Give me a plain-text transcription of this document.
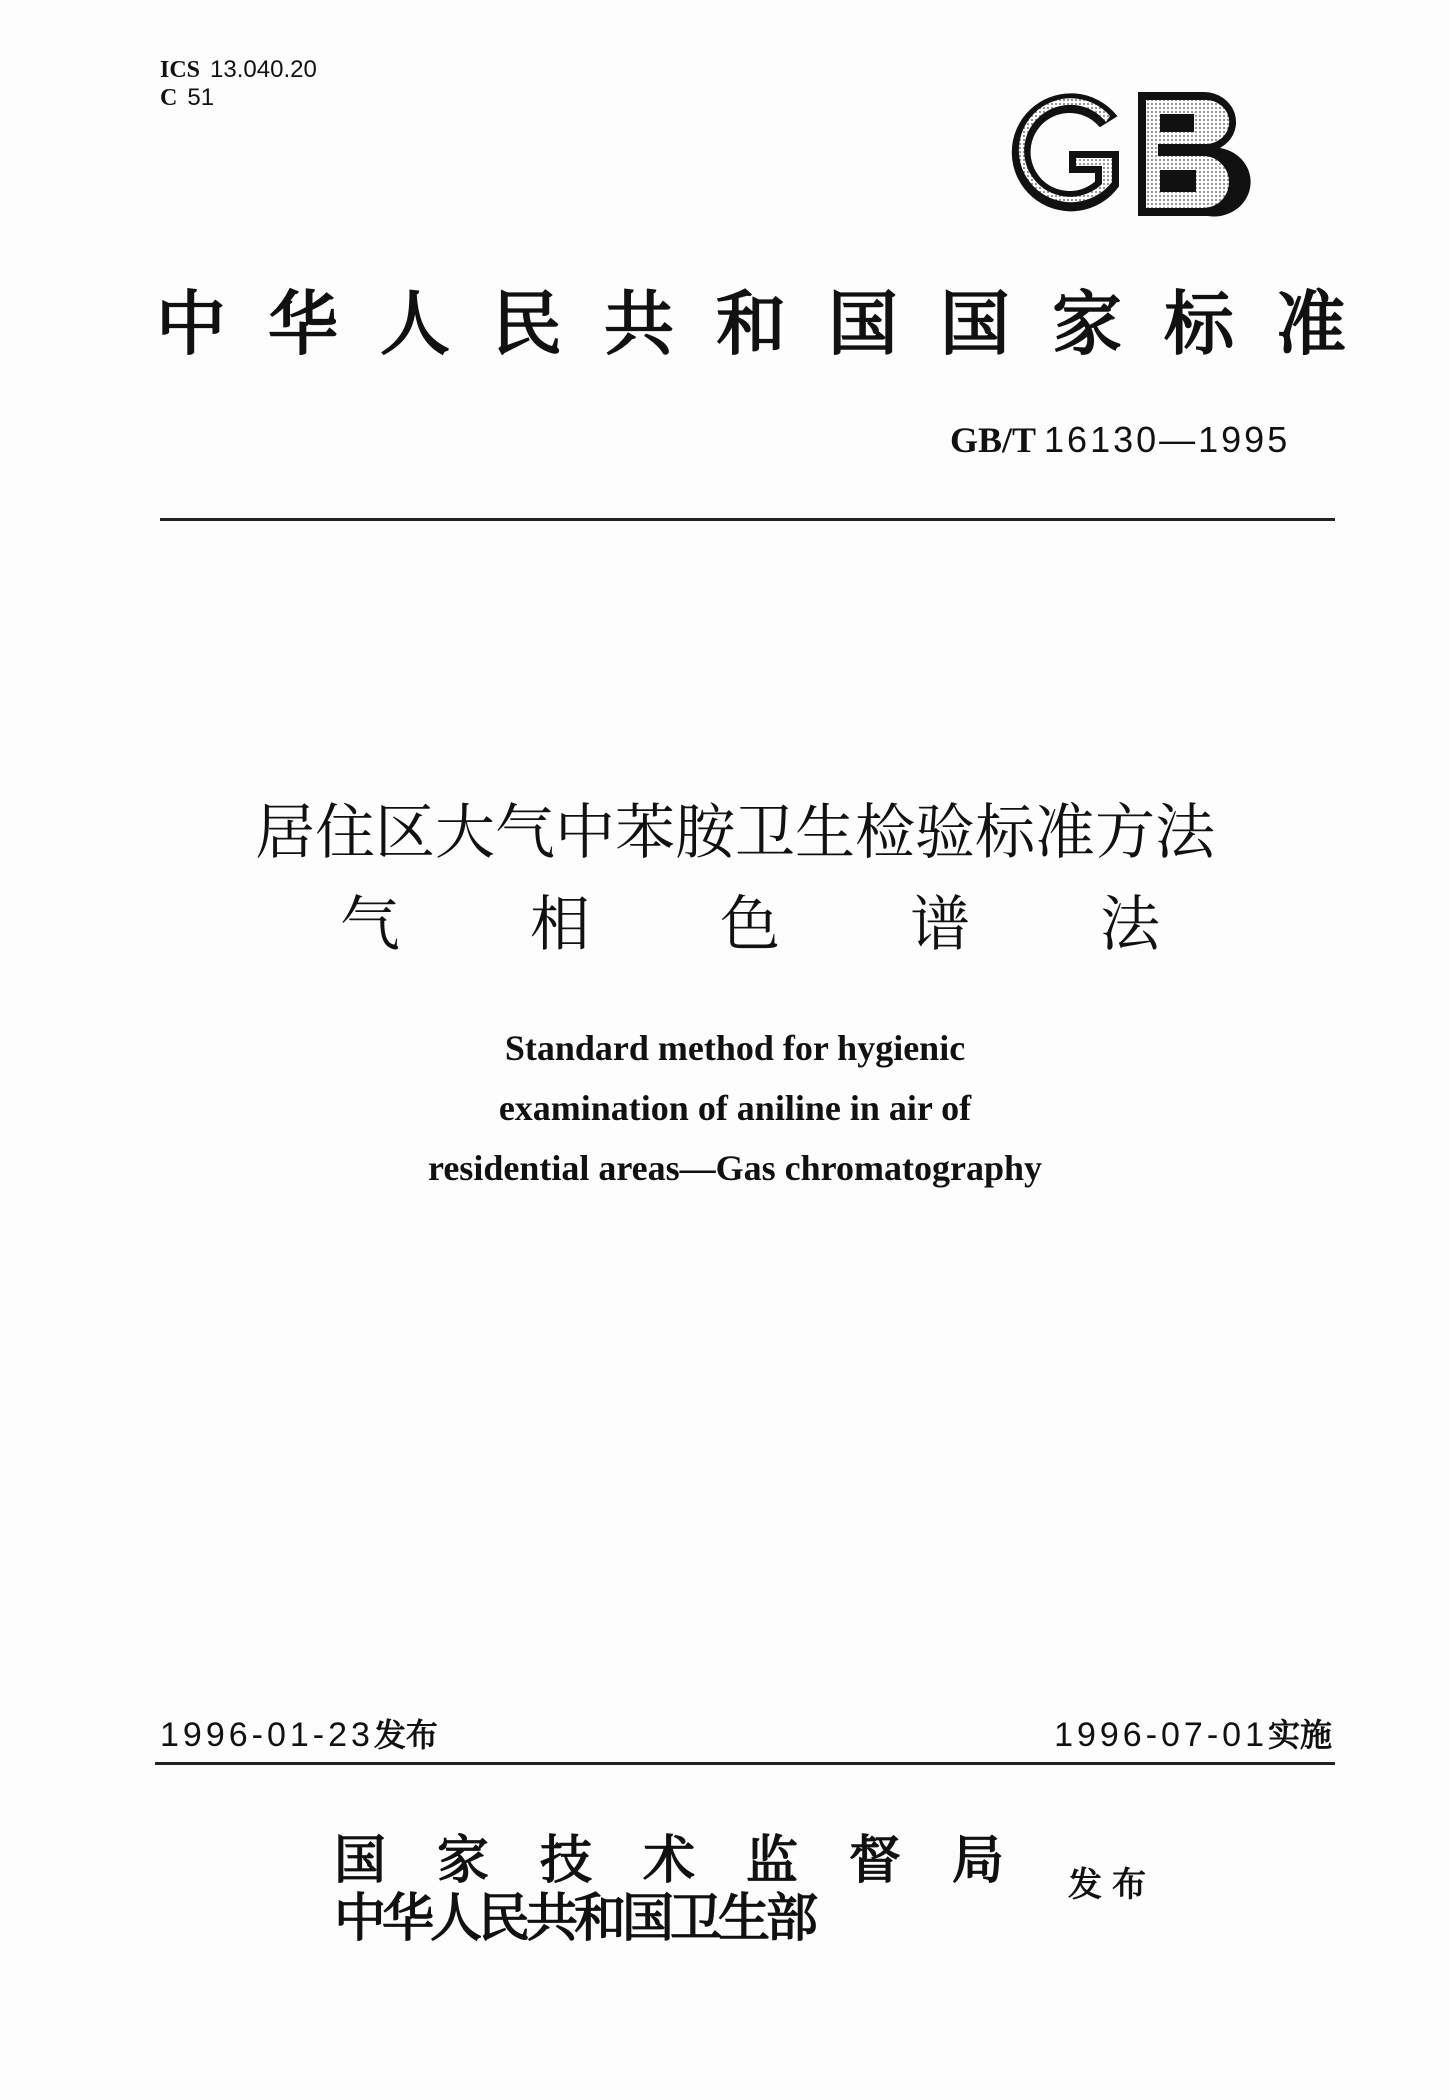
ICS 13.040.20
C 51
中 华 人 民 共 和 国 国 家 标 准
GB/T 16130—1995
居住区大气中苯胺卫生检验标准方法
气 相 色 谱 法
Standard method for hygienic
examination of aniline in air of
residential areas—Gas chromatography
1996-01-23发布	1996-07-01实施
国 家 技 术 监 督 局
中华人民共和国卫生部
发布
